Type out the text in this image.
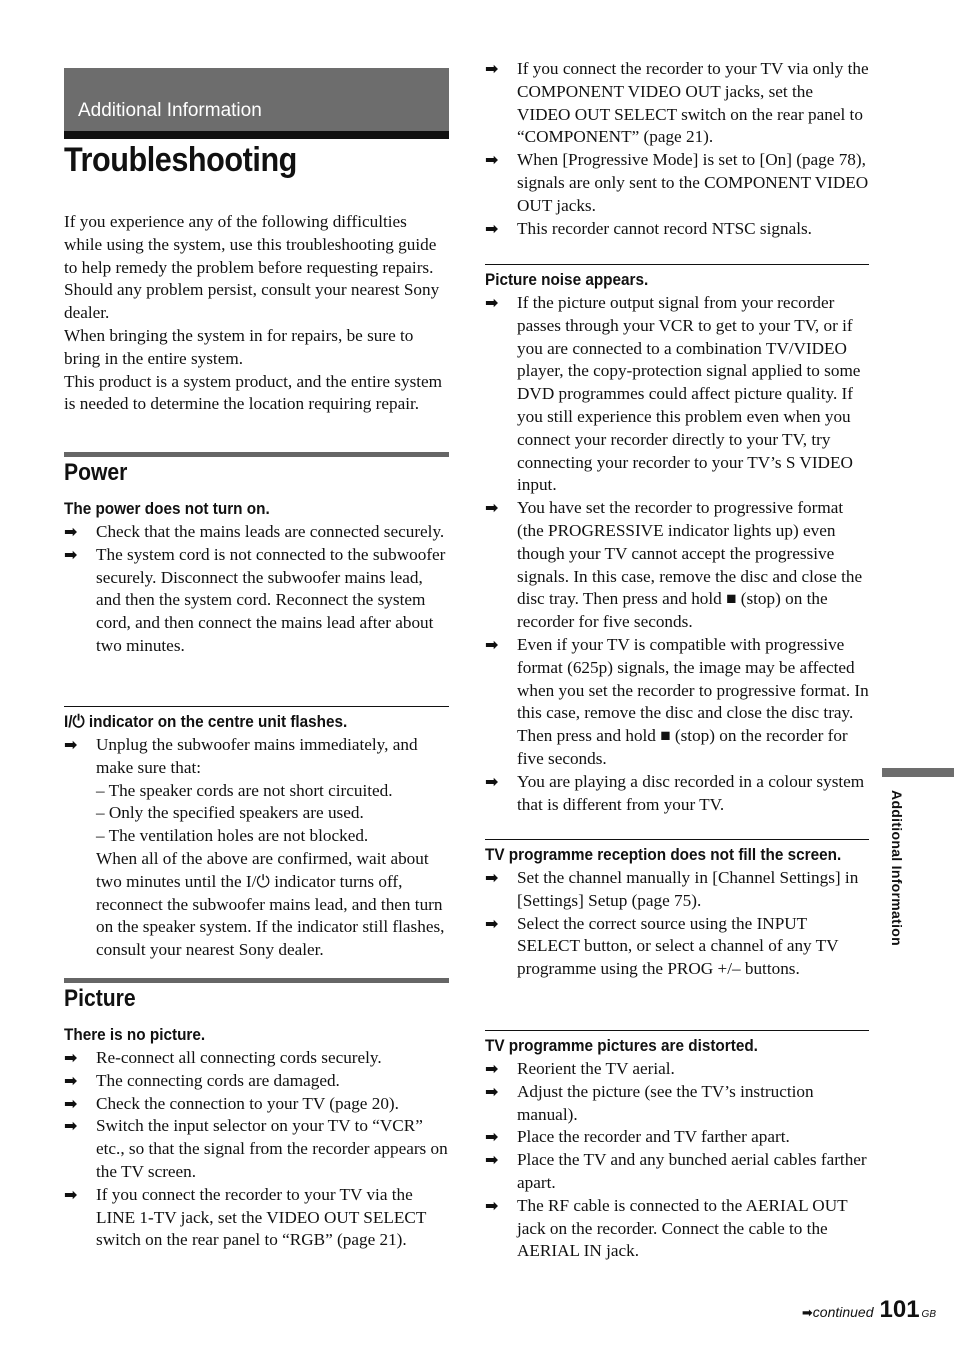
Additional Information
Troubleshooting

If you experience any of the following difficulties while using the system, use this troubleshooting guide to help remedy the problem before requesting repairs. Should any problem persist, consult your nearest Sony dealer.

When bringing the system in for repairs, be sure to bring in the entire system.

This product is a system product, and the entire system is needed to determine the location requiring repair.

Power
The power does not turn on.
➡ Check that the mains leads are connected securely.
➡ The system cord is not connected to the subwoofer securely. Disconnect the subwoofer mains lead, and then the system cord. Reconnect the system cord, and then connect the mains lead after about two minutes.
I/⏻ indicator on the centre unit flashes.
➡ Unplug the subwoofer mains immediately, and make sure that:
– The speaker cords are not short circuited.
– Only the specified speakers are used.
– The ventilation holes are not blocked.
When all of the above are confirmed, wait about two minutes until the I/⏻ indicator turns off, reconnect the subwoofer mains lead, and then turn on the speaker system. If the indicator still flashes, consult your nearest Sony dealer.
Picture
There is no picture.
➡ Re-connect all connecting cords securely.
➡ The connecting cords are damaged.
➡ Check the connection to your TV (page 20).
➡ Switch the input selector on your TV to “VCR” etc., so that the signal from the recorder appears on the TV screen.
➡ If you connect the recorder to your TV via the LINE 1-TV jack, set the VIDEO OUT SELECT switch on the rear panel to “RGB” (page 21).
➡ If you connect the recorder to your TV via only the COMPONENT VIDEO OUT jacks, set the VIDEO OUT SELECT switch on the rear panel to “COMPONENT” (page 21).
➡ When [Progressive Mode] is set to [On] (page 78), signals are only sent to the COMPONENT VIDEO OUT jacks.
➡ This recorder cannot record NTSC signals.
Picture noise appears.
➡ If the picture output signal from your recorder passes through your VCR to get to your TV, or if you are connected to a combination TV/VIDEO player, the copy-protection signal applied to some DVD programmes could affect picture quality. If you still experience this problem even when you connect your recorder directly to your TV, try connecting your recorder to your TV’s S VIDEO input.
➡ You have set the recorder to progressive format (the PROGRESSIVE indicator lights up) even though your TV cannot accept the progressive signals. In this case, remove the disc and close the disc tray. Then press and hold ■ (stop) on the recorder for five seconds.
➡ Even if your TV is compatible with progressive format (625p) signals, the image may be affected when you set the recorder to progressive format. In this case, remove the disc and close the disc tray. Then press and hold ■ (stop) on the recorder for five seconds.
➡ You are playing a disc recorded in a colour system that is different from your TV.
TV programme reception does not fill the screen.
➡ Set the channel manually in [Channel Settings] in [Settings] Setup (page 75).
➡ Select the correct source using the INPUT SELECT button, or select a channel of any TV programme using the PROG +/– buttons.
TV programme pictures are distorted.
➡ Reorient the TV aerial.
➡ Adjust the picture (see the TV’s instruction manual).
➡ Place the recorder and TV farther apart.
➡ Place the TV and any bunched aerial cables farther apart.
➡ The RF cable is connected to the AERIAL OUT jack on the recorder. Connect the cable to the AERIAL IN jack.
Additional Information
➡continued 101 GB
